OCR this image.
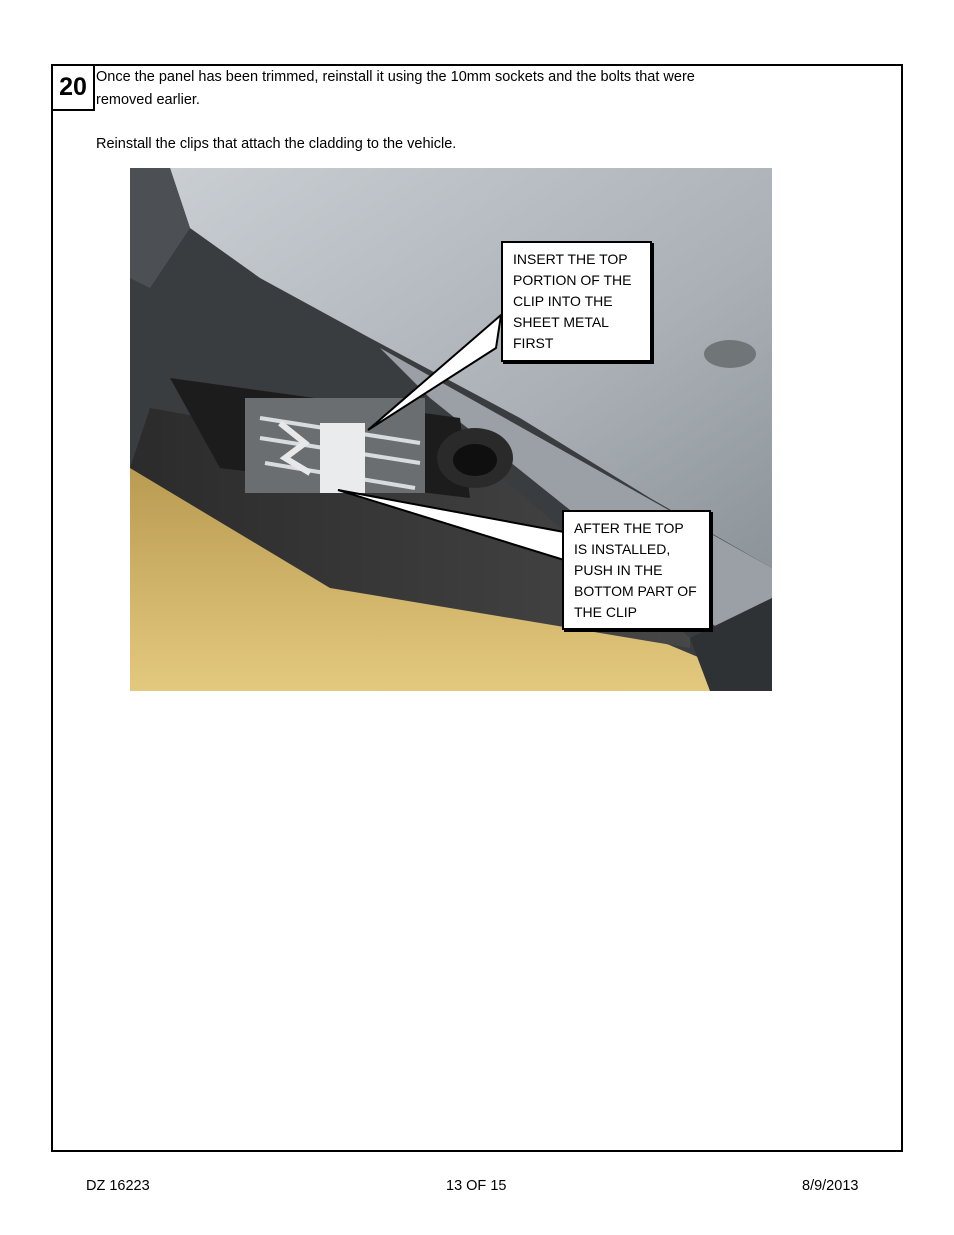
20 Once the panel has been trimmed, reinstall it using the 10mm sockets and the bolts that were removed earlier.
Reinstall the clips that attach the cladding to the vehicle.
INSERT THE TOP PORTION OF THE CLIP INTO THE SHEET METAL FIRST
AFTER THE TOP IS INSTALLED, PUSH IN THE BOTTOM PART OF THE CLIP
DZ 16223	13 OF 15	8/9/2013
